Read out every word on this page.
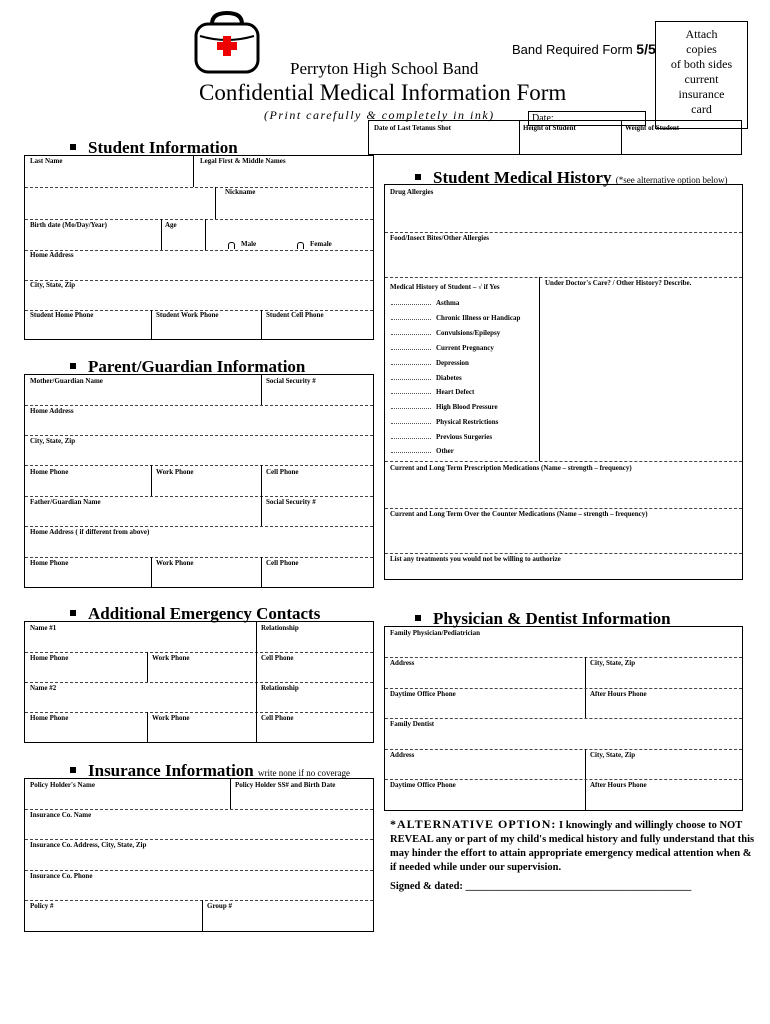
Band Required Form 5/5
Perryton High School Band
Confidential Medical Information Form
(Print carefully & completely in ink)
Attach
copies
of both sides
current
insurance
card
Date:
Date of Last Tetanus Shot	Height of Student	Weight of Student
Student Information
Last Name	Legal First & Middle Names
Nickname
Birth date (Mo/Day/Year)	Age
Male	Female
Home Address
City, State, Zip
Student Home Phone	Student Work Phone	Student Cell Phone
Parent/Guardian Information
Mother/Guardian Name	Social Security #
Home Address
City, State, Zip
Home Phone	Work Phone	Cell Phone
Father/Guardian Name	Social Security #
Home Address ( if different from above)
Home Phone	Work Phone	Cell Phone
Additional Emergency Contacts
Name #1	Relationship
Home Phone	Work Phone	Cell Phone
Name #2	Relationship
Home Phone	Work Phone	Cell Phone
Insurance Information write none if no coverage
Policy Holder's Name	Policy Holder SS# and Birth Date
Insurance Co. Name
Insurance Co. Address, City, State, Zip
Insurance Co. Phone
Policy #	Group #
Student Medical History (*see alternative option below)
Drug Allergies
Food/Insect Bites/Other Allergies
Medical History of Student – √ if Yes	Under Doctor's Care? / Other History? Describe.
Current and Long Term Prescription Medications (Name – strength – frequency)
Current and Long Term Over the Counter Medications (Name – strength – frequency)
List any treatments you would not be willing to authorize
Asthma
Chronic Illness or Handicap
Convulsions/Epilepsy
Current Pregnancy
Depression
Diabetes
Heart Defect
High Blood Pressure
Physical Restrictions
Previous Surgeries
Other
Physician & Dentist Information
Family Physician/Pediatrician
Address	City, State, Zip
Daytime Office Phone	After Hours Phone
Family Dentist
Address	City, State, Zip
Daytime Office Phone	After Hours Phone
*ALTERNATIVE OPTION: I knowingly and willingly choose to NOT REVEAL any or part of my child's medical history and fully understand that this may hinder the effort to attain appropriate emergency medical attention when & if needed while under our supervision.
Signed & dated: ___________________________________________
